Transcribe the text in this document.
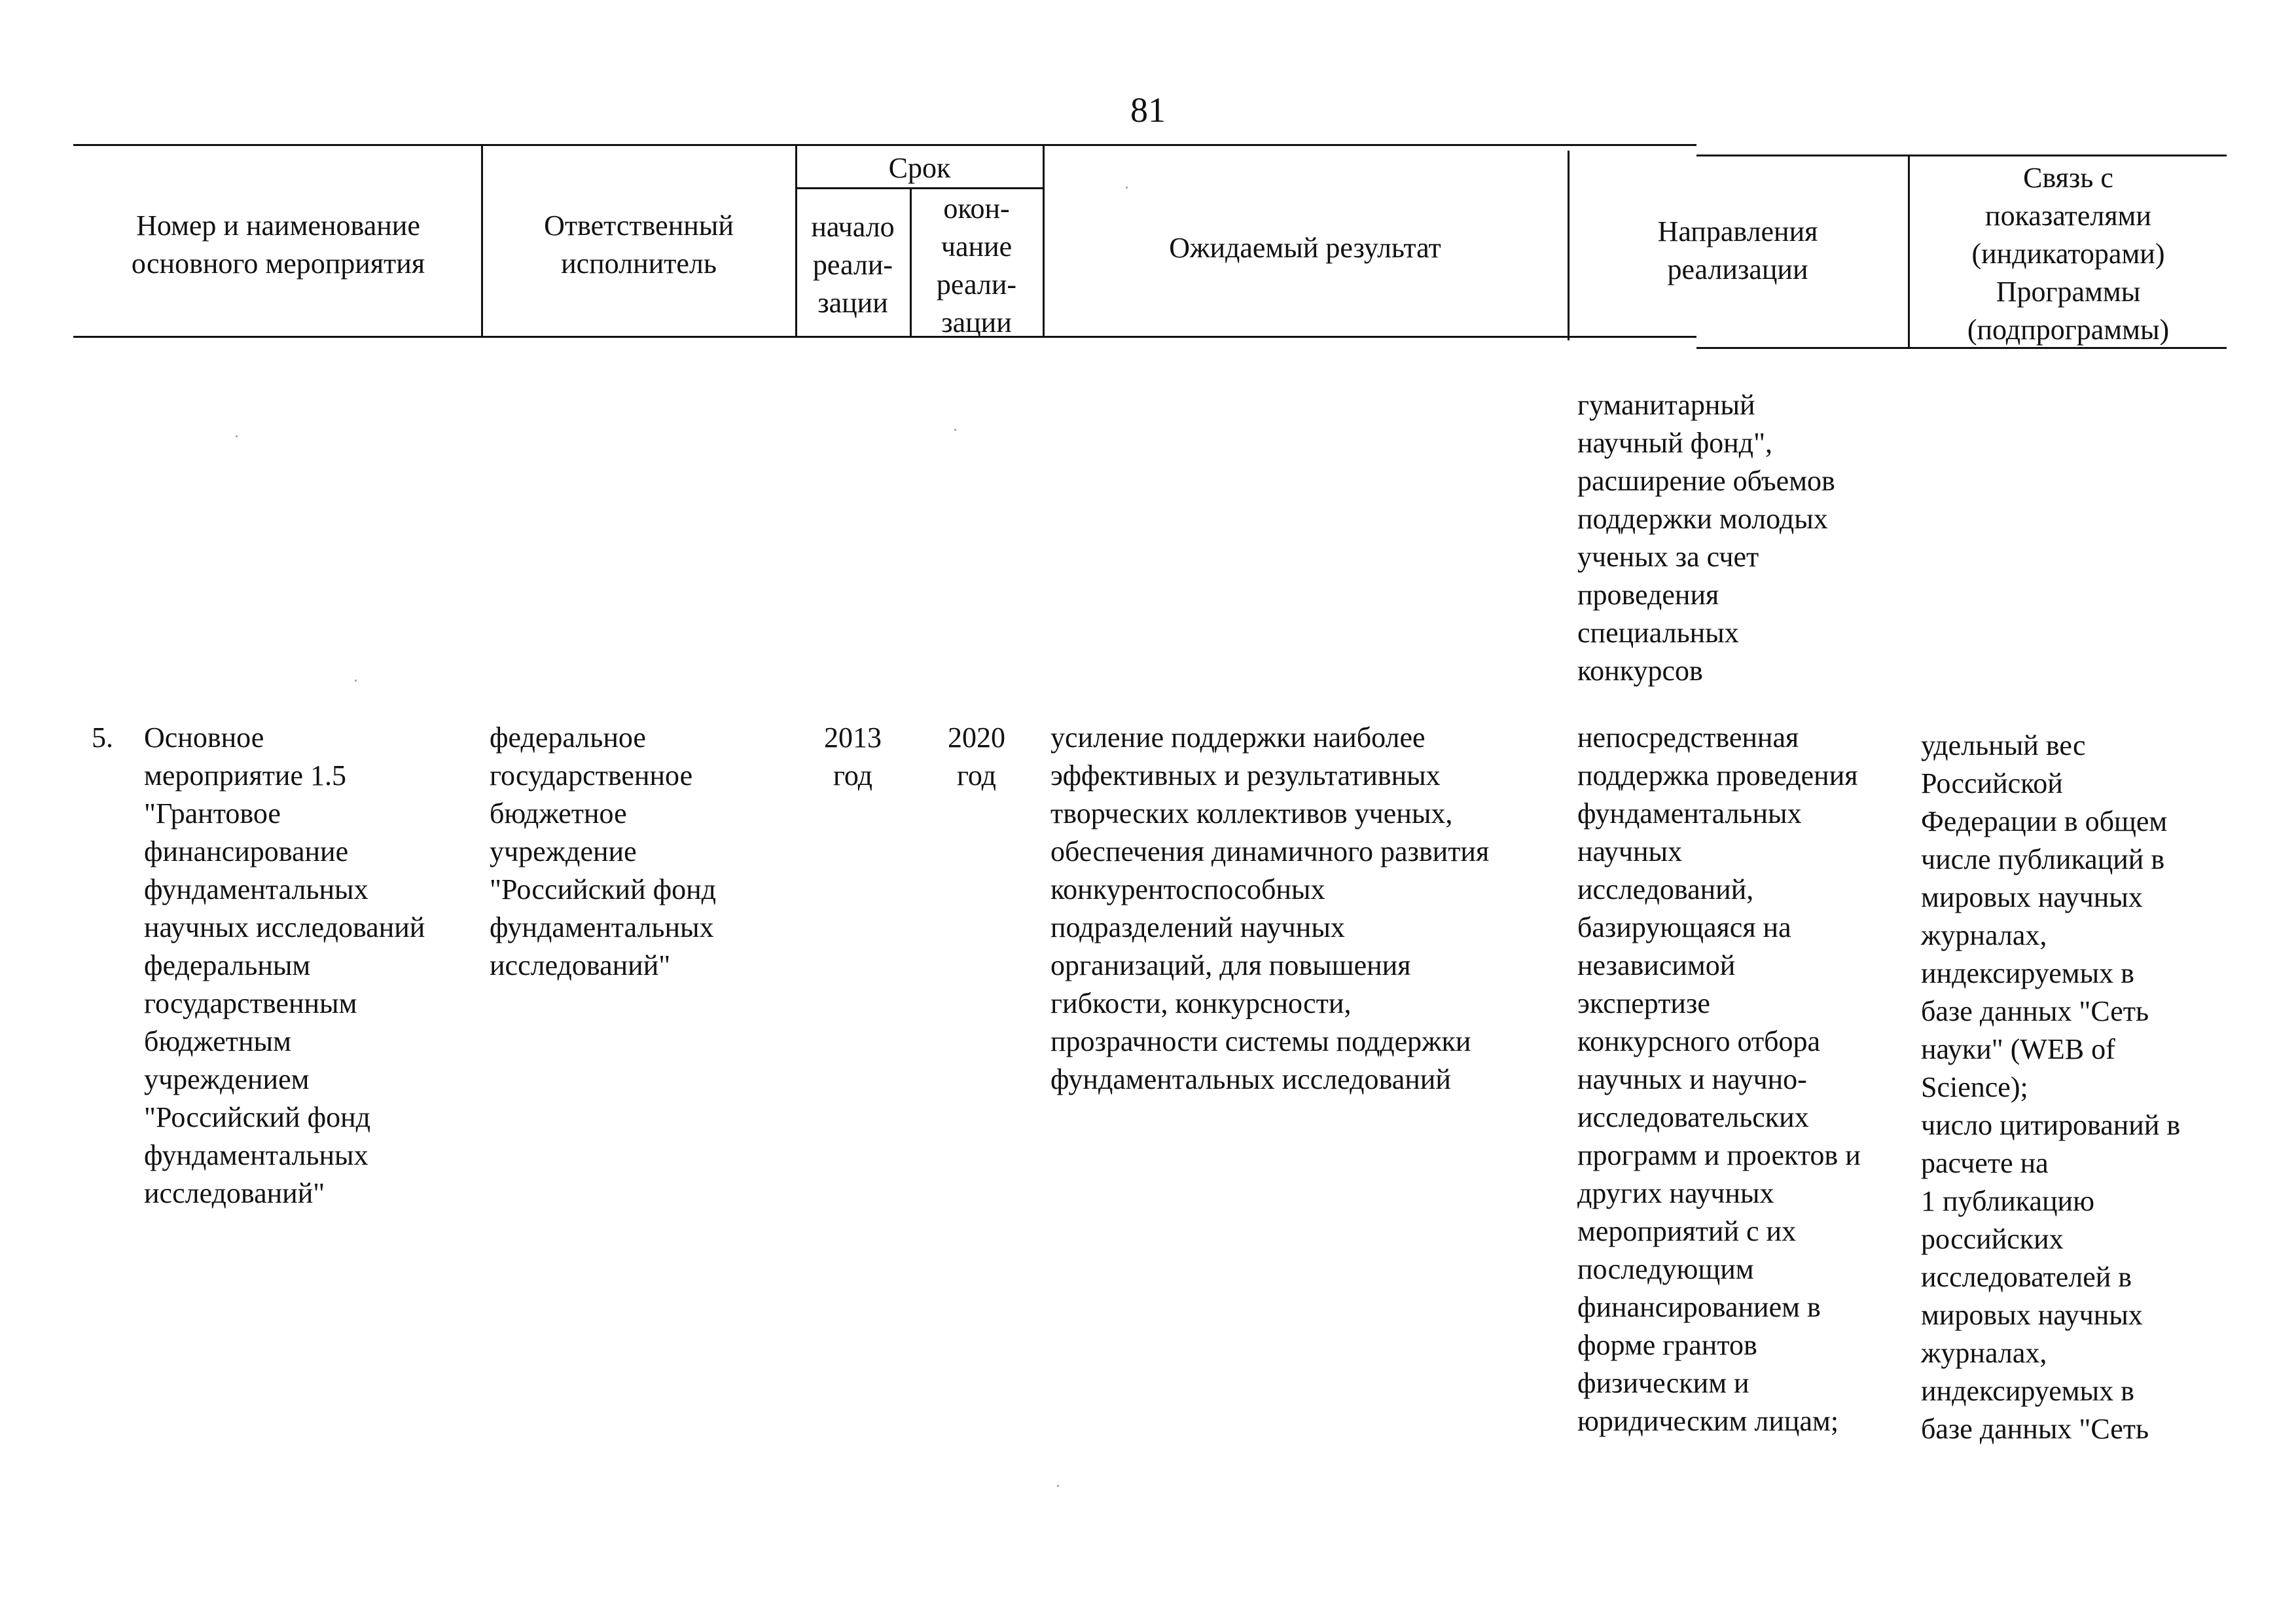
81
Номер и наименование
основного мероприятия
Ответственный
исполнитель
Срок
начало
реали-
зации
окон-
чание
реали-
зации
Ожидаемый результат
Направления
реализации
Связь с
показателями
(индикаторами)
Программы
(подпрограммы)
гуманитарный
научный фонд",
расширение объемов
поддержки молодых
ученых за счет
проведения
специальных
конкурсов
5. Основное
мероприятие 1.5
"Грантовое
финансирование
фундаментальных
научных исследований
федеральным
государственным
бюджетным
учреждением
"Российский фонд
фундаментальных
исследований"
федеральное
государственное
бюджетное
учреждение
"Российский фонд
фундаментальных
исследований"
2013
год
2020
год
усиление поддержки наиболее
эффективных и результативных
творческих коллективов ученых,
обеспечения динамичного развития
конкурентоспособных
подразделений научных
организаций, для повышения
гибкости, конкурсности,
прозрачности системы поддержки
фундаментальных исследований
непосредственная
поддержка проведения
фундаментальных
научных
исследований,
базирующаяся на
независимой
экспертизе
конкурсного отбора
научных и научно-
исследовательских
программ и проектов и
других научных
мероприятий с их
последующим
финансированием в
форме грантов
физическим и
юридическим лицам;
удельный вес
Российской
Федерации в общем
числе публикаций в
мировых научных
журналах,
индексируемых в
базе данных "Сеть
науки" (WEB of
Science);
число цитирований в
расчете на
1 публикацию
российских
исследователей в
мировых научных
журналах,
индексируемых в
базе данных "Сеть
